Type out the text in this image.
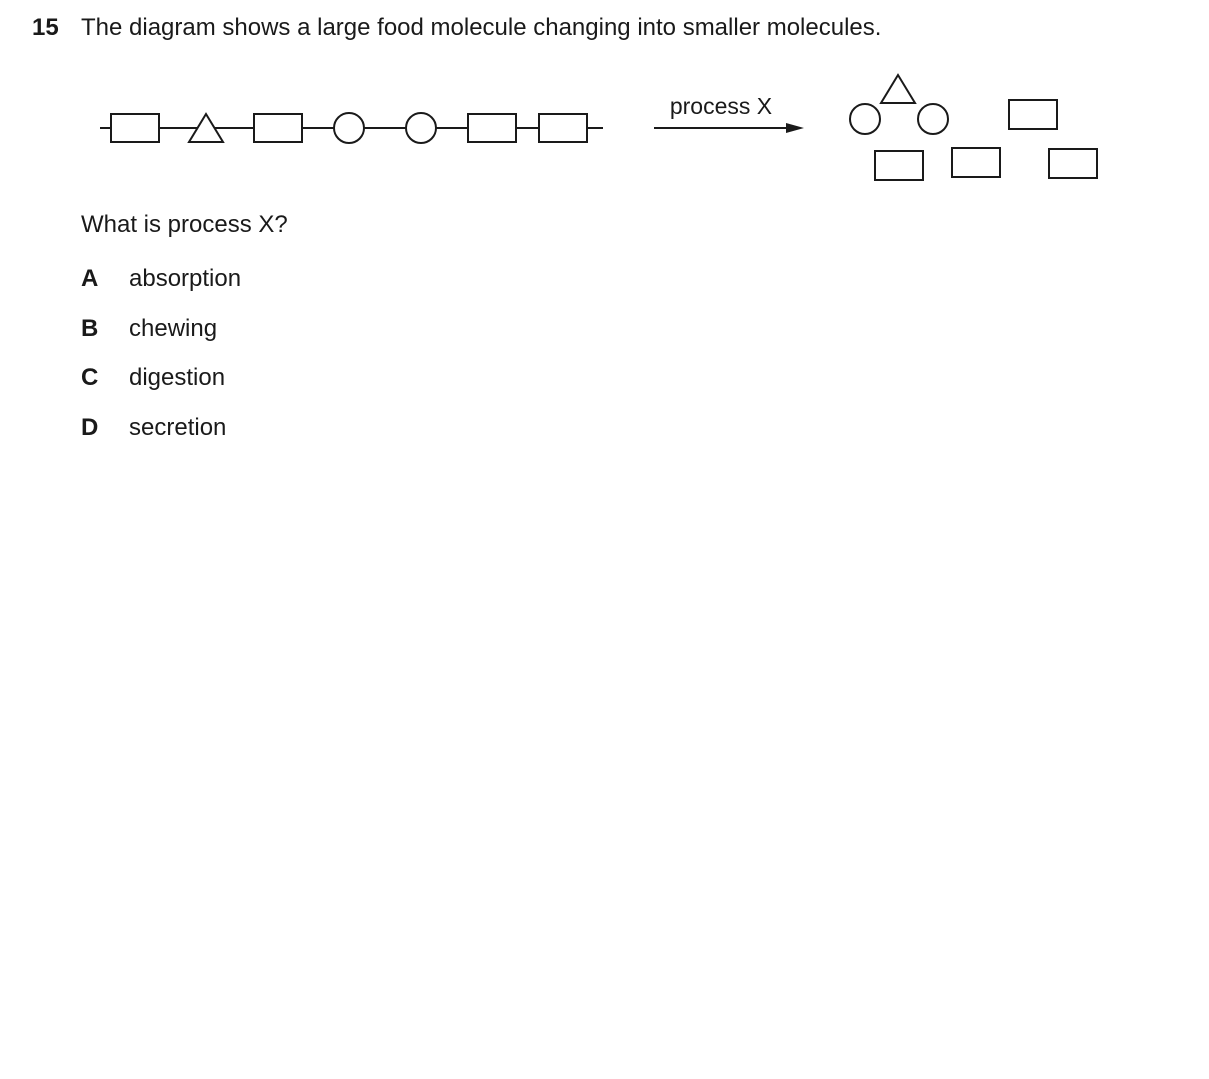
15 The diagram shows a large food molecule changing into smaller molecules.
process X
What is process X?
A	absorption
B	chewing
C	digestion
D	secretion
